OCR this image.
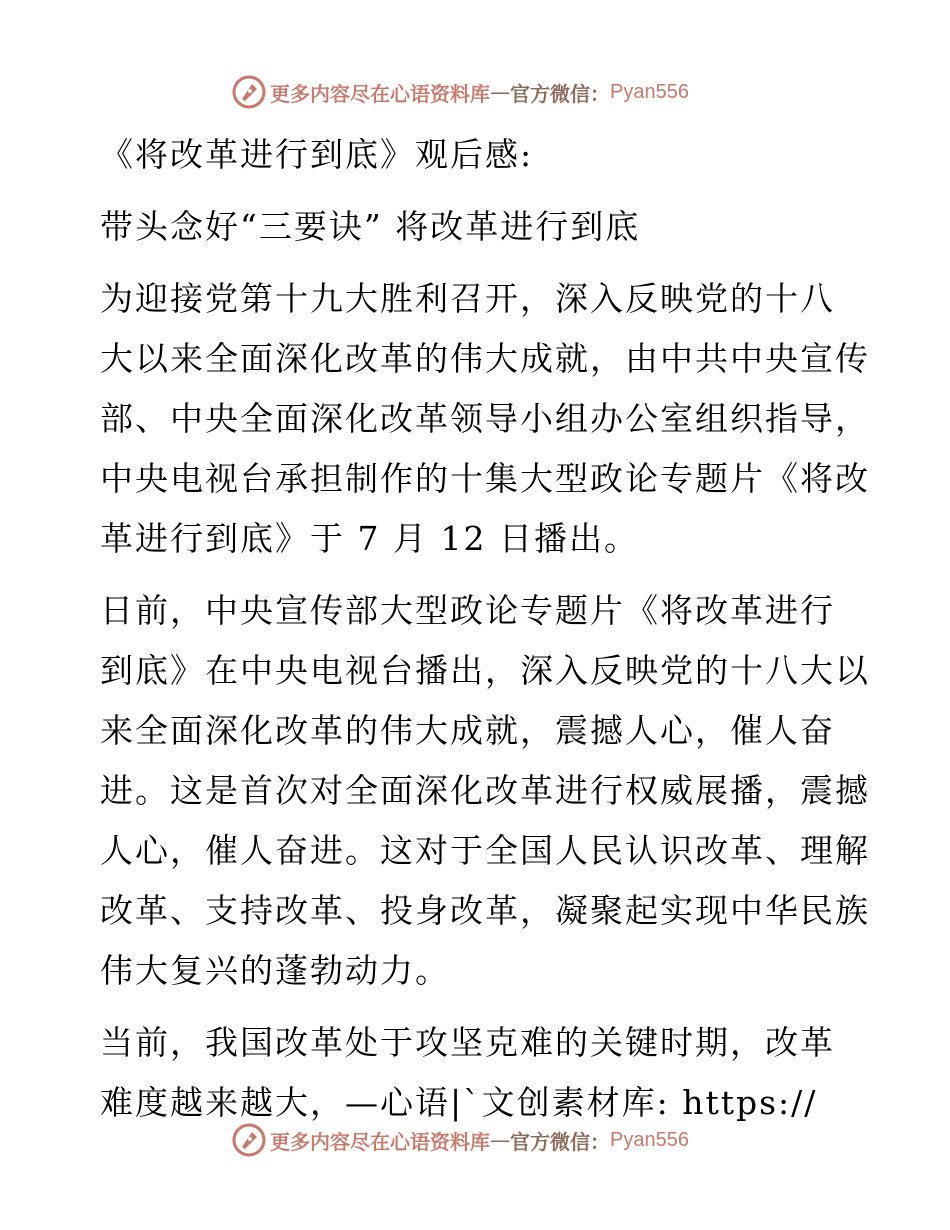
更多内容尽在心语资料库 — 官方微信： Pyan556
《将改革进行到底》观后感:
带头念好“三要诀” 将改革进行到底
为迎接党第十九大胜利召开，深入反映党的十八
大以来全面深化改革的伟大成就，由中共中央宣传
部、中央全面深化改革领导小组办公室组织指导，
中央电视台承担制作的十集大型政论专题片《将改
革进行到底》于 7 月 12 日播出。
日前，中央宣传部大型政论专题片《将改革进行
到底》在中央电视台播出，深入反映党的十八大以
来全面深化改革的伟大成就，震撼人心，催人奋
进。这是首次对全面深化改革进行权威展播，震撼
人心，催人奋进。这对于全国人民认识改革、理解
改革、支持改革、投身改革，凝聚起实现中华民族
伟大复兴的蓬勃动力。
当前，我国改革处于攻坚克难的关键时期，改革
难度越来越大，—心语|`文创素材库: https://
更多内容尽在心语资料库 — 官方微信： Pyan556
